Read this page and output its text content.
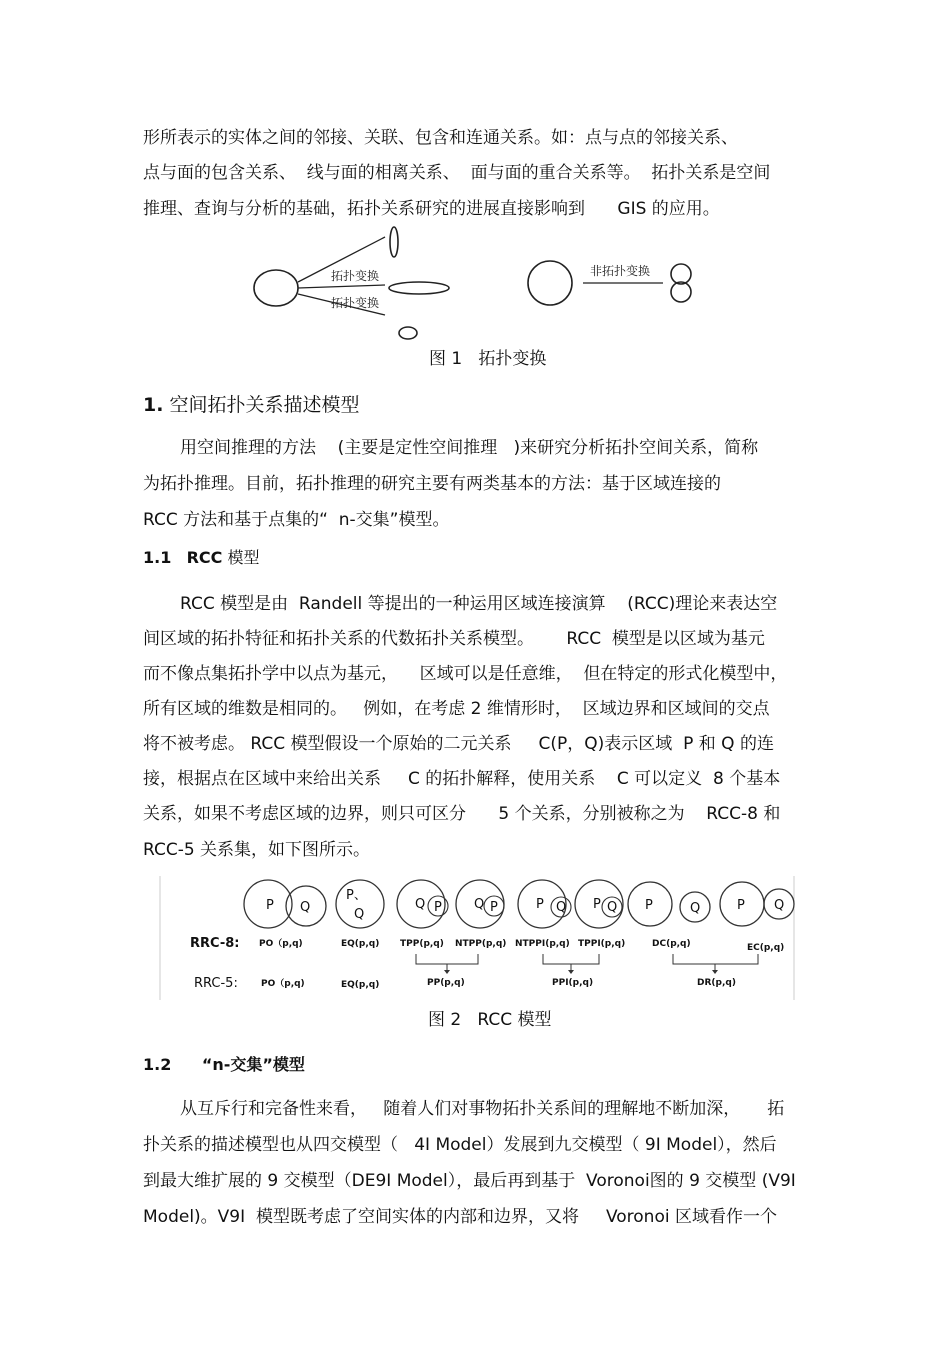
形所表示的实体之间的邻接、关联、包含和连通关系。如：点与点的邻接关系、
点与面的包含关系、  线与面的相离关系、  面与面的重合关系等。  拓扑关系是空间
推理、查询与分析的基础，拓扑关系研究的进展直接影响到      GIS 的应用。
拓扑变换
拓扑变换
非拓扑变换
图 1   拓扑变换
1. 空间拓扑关系描述模型
用空间推理的方法    (主要是定性空间推理   )来研究分析拓扑空间关系，简称
为拓扑推理。目前，拓扑推理的研究主要有两类基本的方法：基于区域连接的
RCC 方法和基于点集的“  n-交集”模型。
1.1 RCC 模型
RCC 模型是由  Randell 等提出的一种运用区域连接演算    (RCC)理论来表达空
间区域的拓扑特征和拓扑关系的代数拓扑关系模型。      RCC  模型是以区域为基元
而不像点集拓扑学中以点为基元，    区域可以是任意维，  但在特定的形式化模型中，
所有区域的维数是相同的。   例如，在考虑 2 维情形时，  区域边界和区域间的交点
将不被考虑。 RCC 模型假设一个原始的二元关系     C(P，Q)表示区域  P 和 Q 的连
接，根据点在区域中来给出关系     C 的拓扑解释，使用关系    C 可以定义  8 个基本
关系，如果不考虑区域的边界，则只可区分      5 个关系，分别被称之为    RCC-8 和
RCC-5 关系集，如下图所示。
P Q
P、
Q
Q P Q P	P Q P Q P	Q	P Q
RRC-8:
RRC-5:
PO（p,q)	EQ(p,q) TPP(p,q) NTPP(p,q) NTPPI(p,q) TPPI(p,q)	DC(p,q)	EC(p,q)
PO（p,q)	EQ(p,q)	PP(p,q)	PPI(p,q)	DR(p,q)
图 2   RCC 模型
1.2 “n-交集”模型
从互斥行和完备性来看，   随着人们对事物拓扑关系间的理解地不断加深，     拓
扑关系的描述模型也从四交模型（   4I Model）发展到九交模型（ 9I Model），然后
到最大维扩展的 9 交模型（DE9I Model），最后再到基于  Voronoi图的 9 交模型 (V9I
Model)。V9I  模型既考虑了空间实体的内部和边界，又将     Voronoi 区域看作一个
